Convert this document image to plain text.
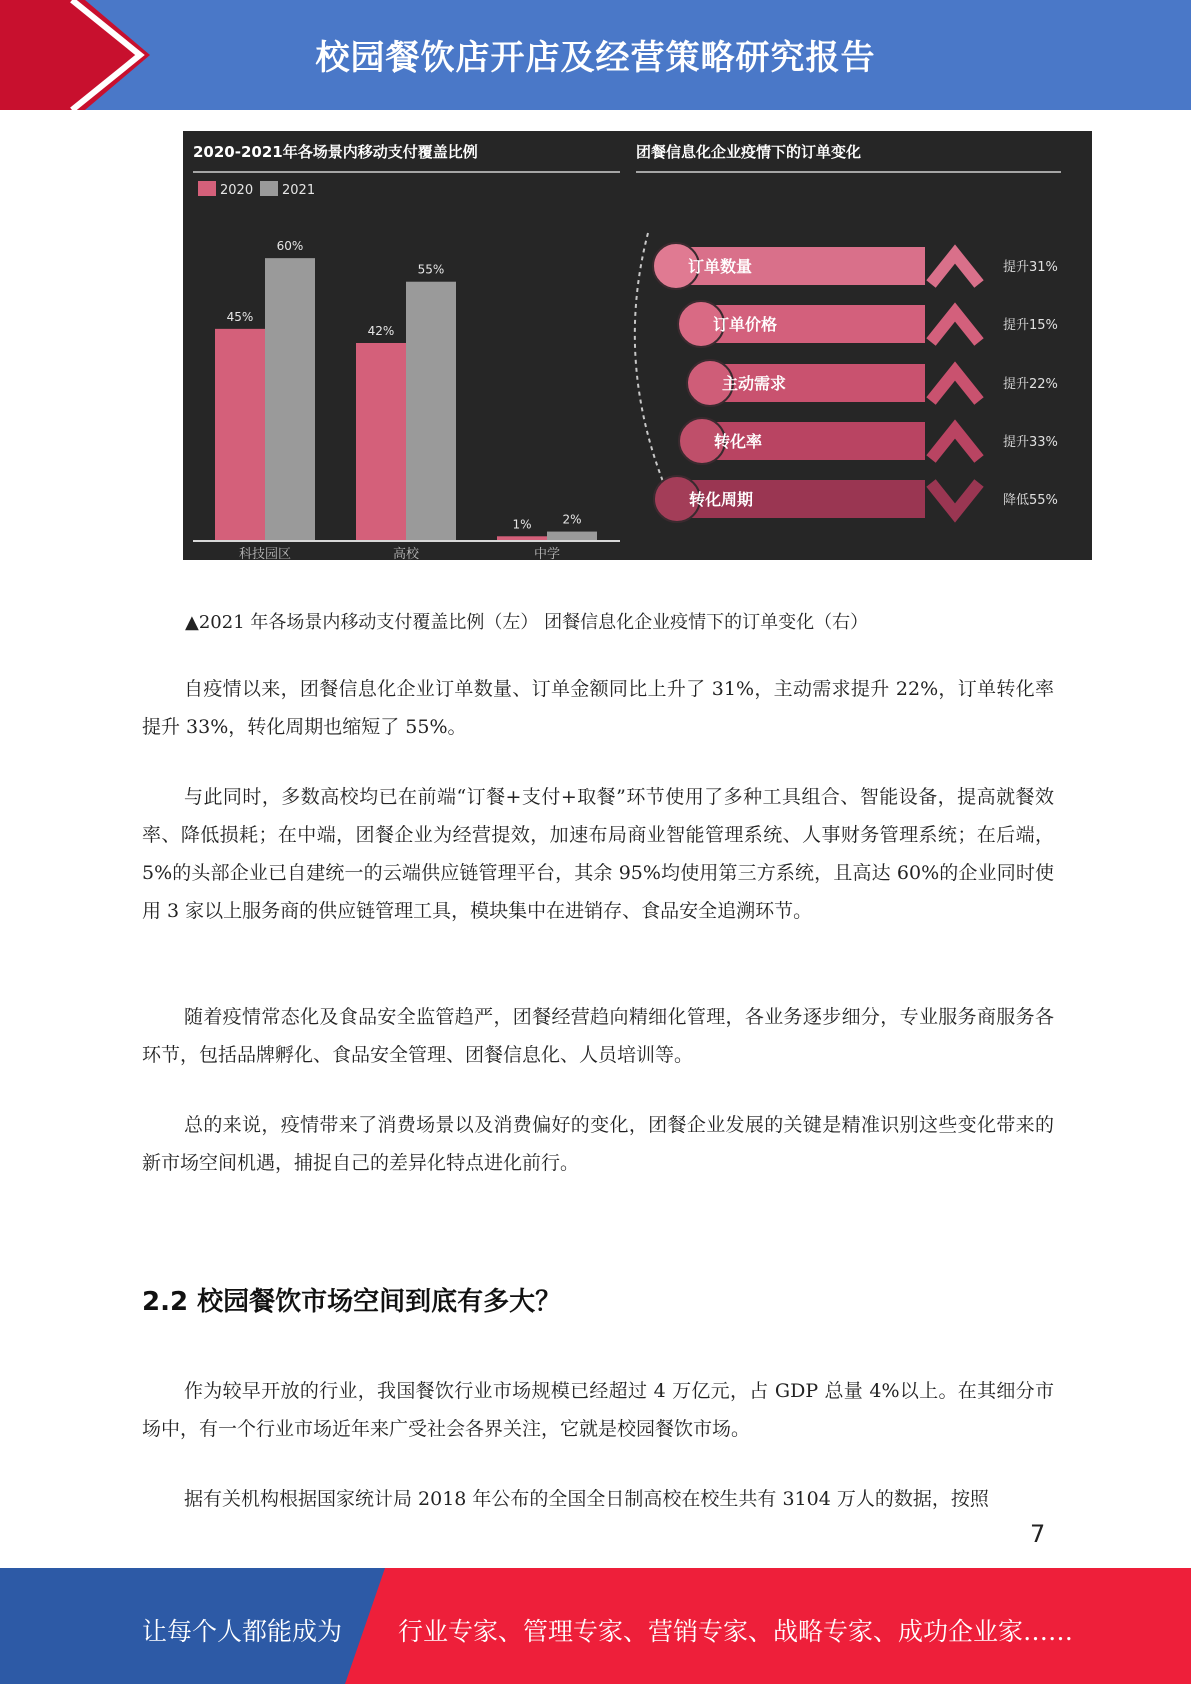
校园餐饮店开店及经营策略研究报告
2020-2021年各场景内移动支付覆盖比例
2020 2021
45%
60%
科技园区
42%
55%
高校
1%	2%
中学
团餐信息化企业疫情下的订单变化
订单数量	提升31%
订单价格	提升15%
主动需求	提升22%
转化率	提升33%
转化周期	降低55%
▲2021 年各场景内移动支付覆盖比例（左） 团餐信息化企业疫情下的订单变化（右）

自疫情以来，团餐信息化企业订单数量、订单金额同比上升了 31%，主动需求提升 22%，订单转化率提升 33%，转化周期也缩短了 55%。

与此同时，多数高校均已在前端“订餐+支付+取餐”环节使用了多种工具组合、智能设备，提高就餐效率、降低损耗；在中端，团餐企业为经营提效，加速布局商业智能管理系统、人事财务管理系统；在后端，5%的头部企业已自建统一的云端供应链管理平台，其余 95%均使用第三方系统，且高达 60%的企业同时使用 3 家以上服务商的供应链管理工具，模块集中在进销存、食品安全追溯环节。

随着疫情常态化及食品安全监管趋严，团餐经营趋向精细化管理，各业务逐步细分，专业服务商服务各环节，包括品牌孵化、食品安全管理、团餐信息化、人员培训等。

总的来说，疫情带来了消费场景以及消费偏好的变化，团餐企业发展的关键是精准识别这些变化带来的新市场空间机遇，捕捉自己的差异化特点进化前行。

2.2 校园餐饮市场空间到底有多大？

作为较早开放的行业，我国餐饮行业市场规模已经超过 4 万亿元，占 GDP 总量 4%以上。在其细分市场中，有一个行业市场近年来广受社会各界关注，它就是校园餐饮市场。

据有关机构根据国家统计局 2018 年公布的全国全日制高校在校生共有 3104 万人的数据，按照

7
让每个人都能成为 行业专家、管理专家、营销专家、战略专家、成功企业家……
